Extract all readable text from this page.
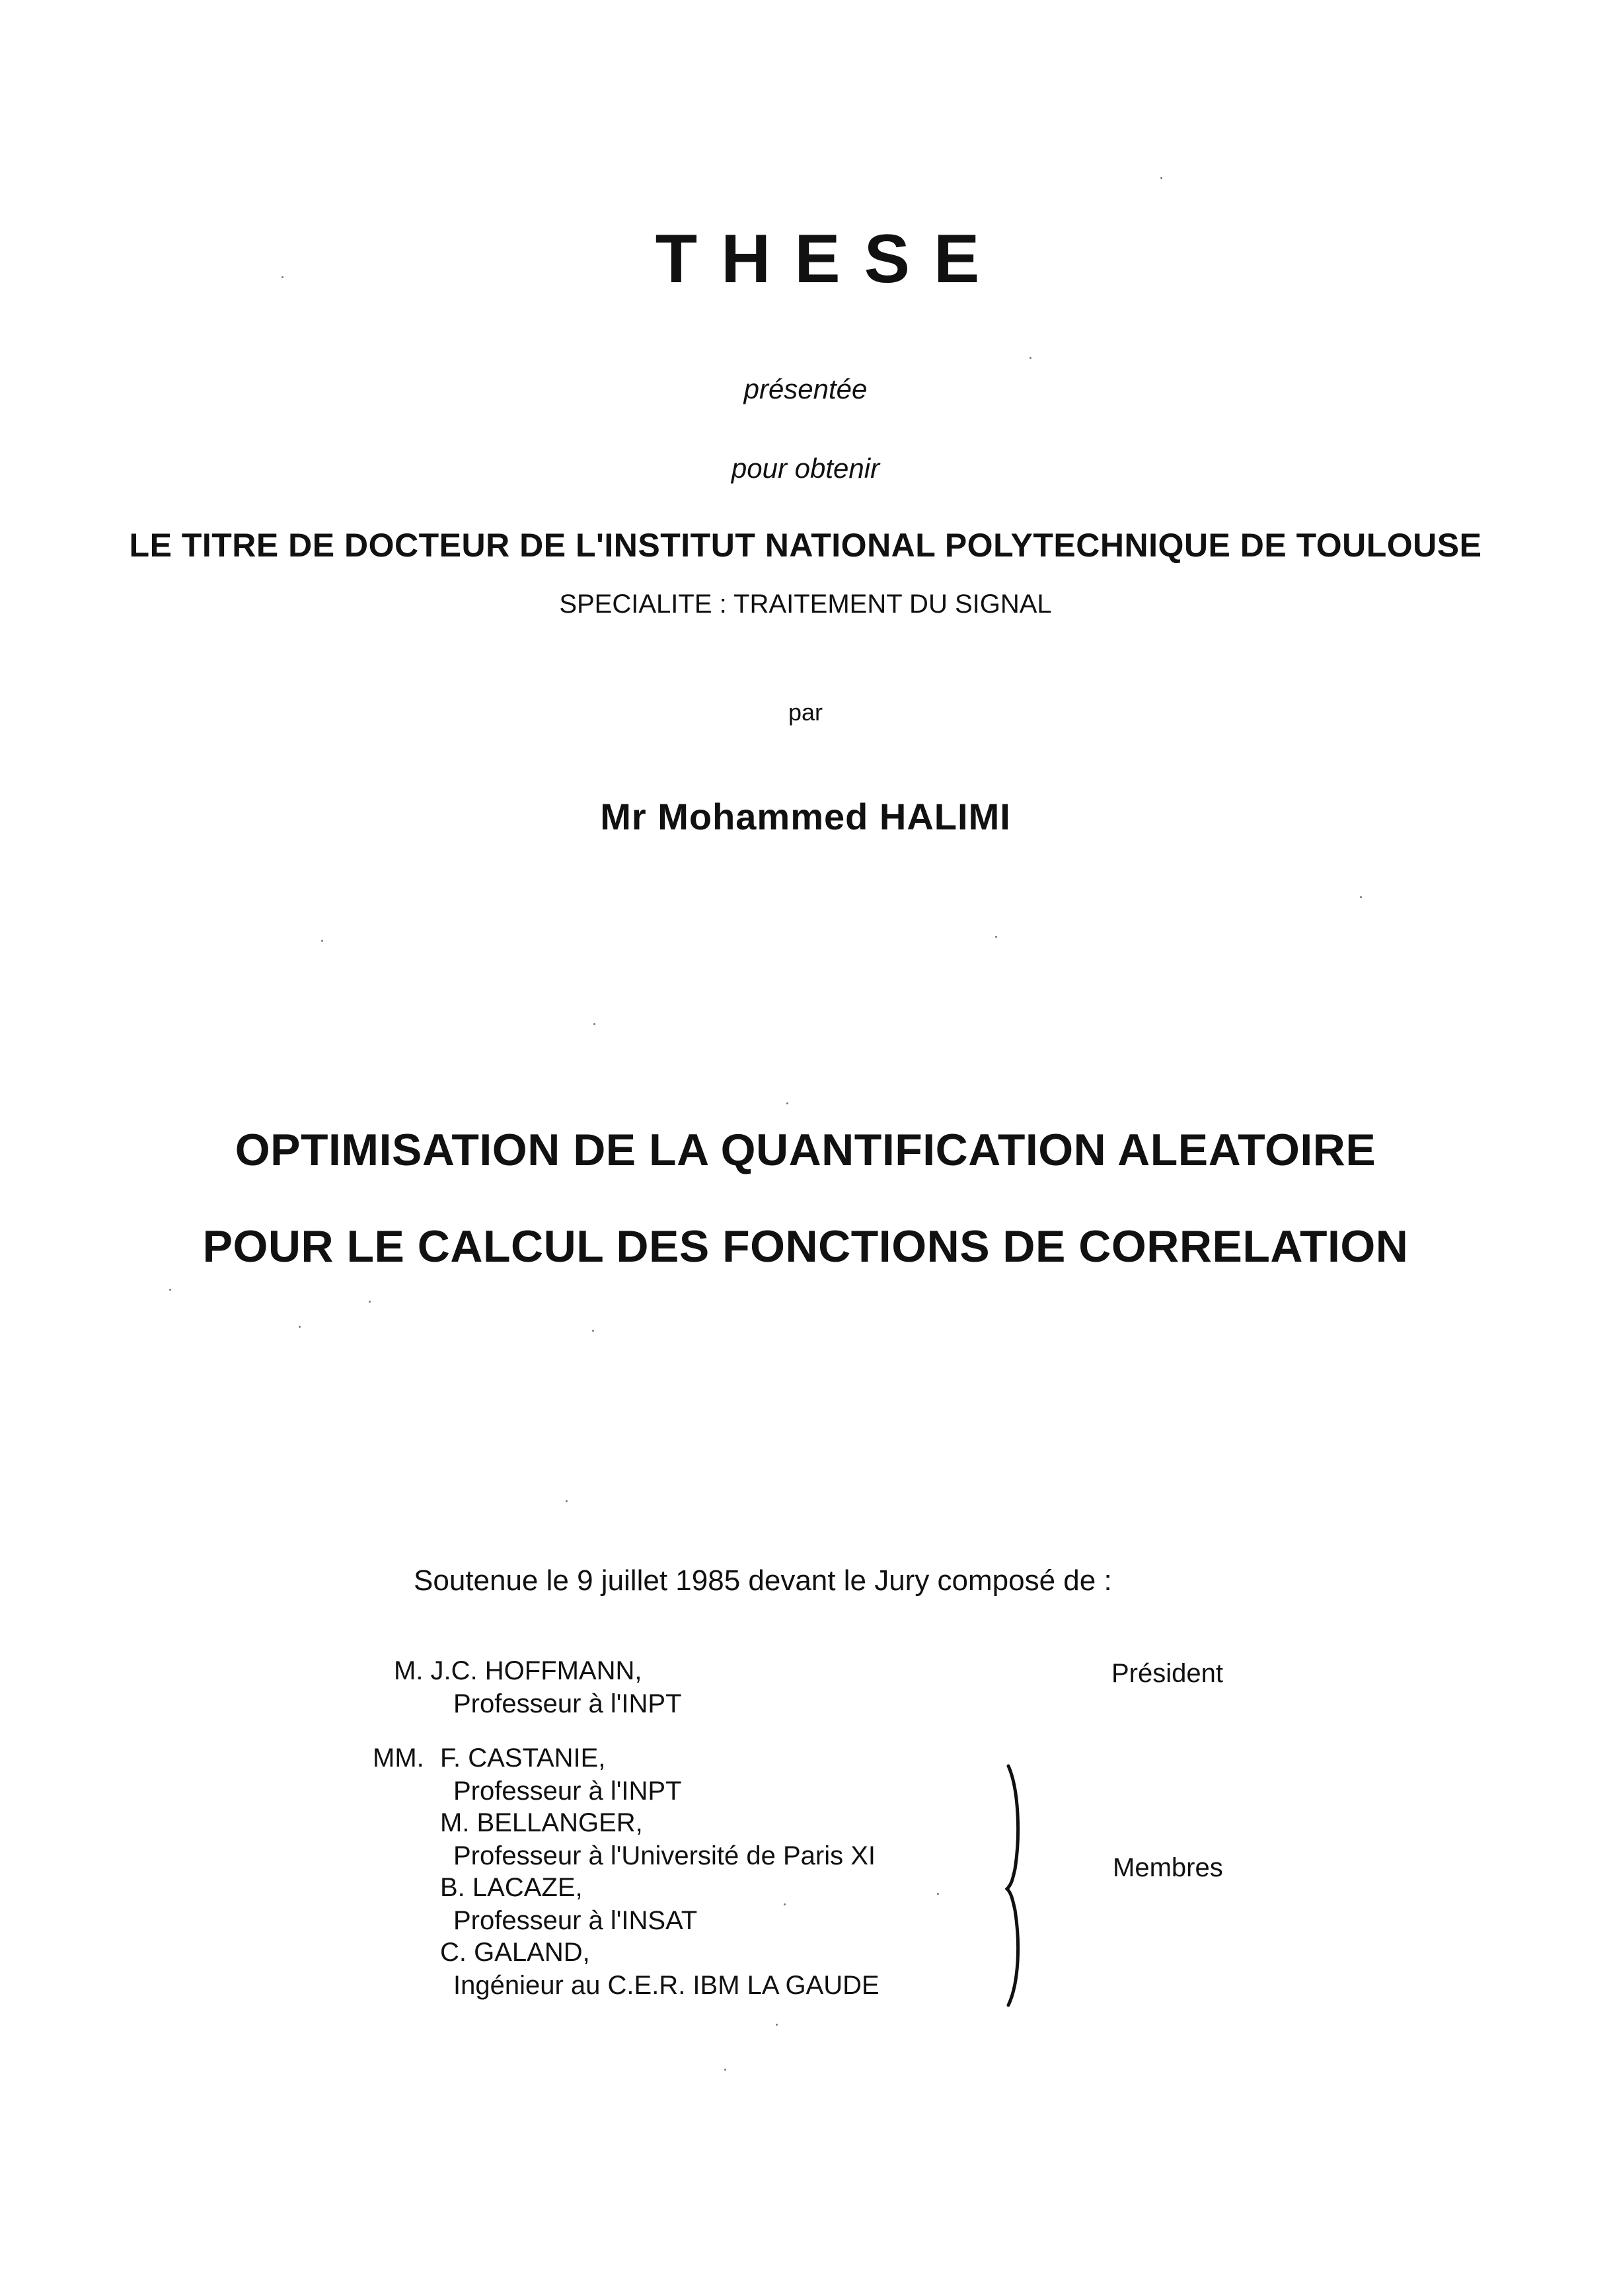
THESE
présentée
pour obtenir
LE TITRE DE DOCTEUR DE L'INSTITUT NATIONAL POLYTECHNIQUE DE TOULOUSE
SPECIALITE : TRAITEMENT DU SIGNAL
par
Mr Mohammed HALIMI
OPTIMISATION DE LA QUANTIFICATION ALEATOIRE
POUR LE CALCUL DES FONCTIONS DE CORRELATION
Soutenue le 9 juillet 1985 devant le Jury composé de :
M. J.C. HOFFMANN,
Professeur à l'INPT
Président
MM. F. CASTANIE,
Professeur à l'INPT
M. BELLANGER,
Professeur à l'Université de Paris XI
B. LACAZE,
Professeur à l'INSAT
C. GALAND,
Ingénieur au C.E.R. IBM LA GAUDE
Membres
